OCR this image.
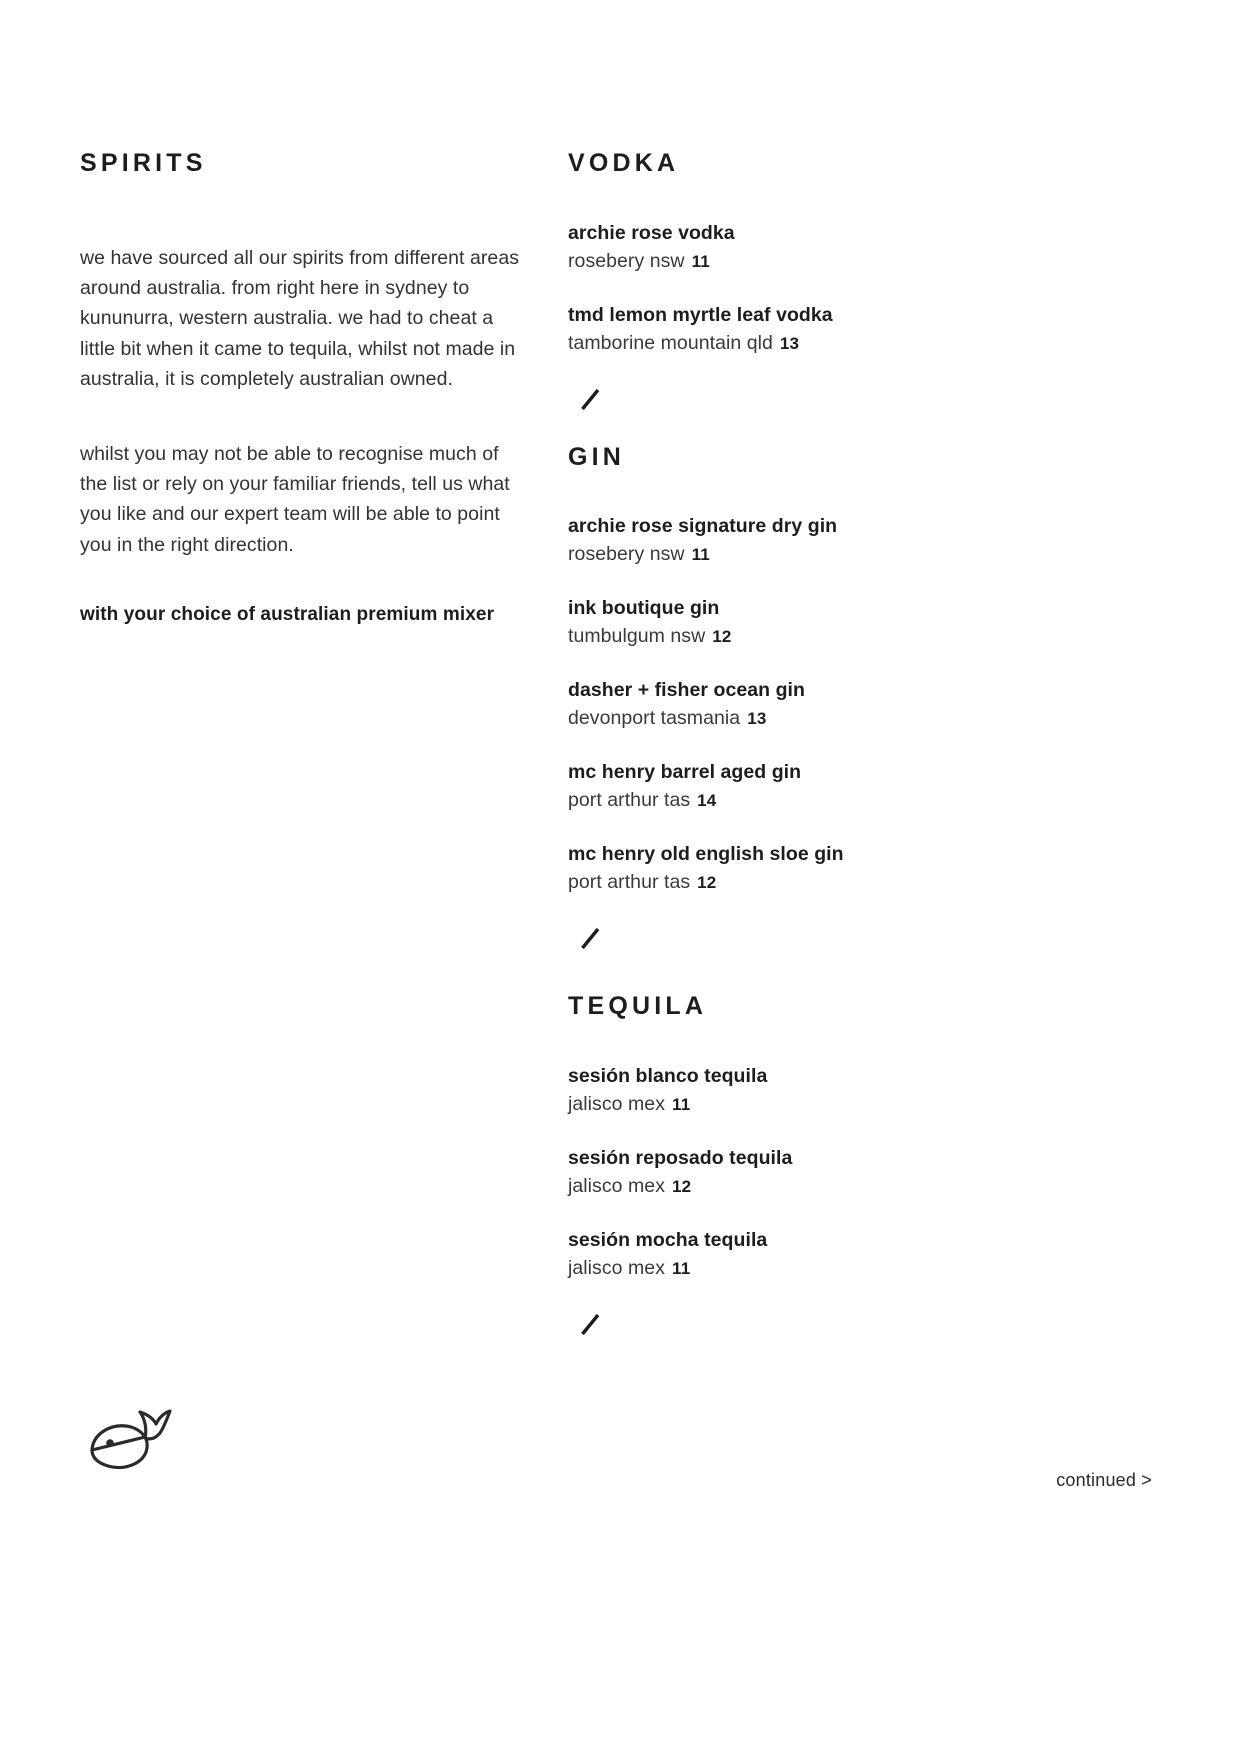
SPIRITS

we have sourced all our spirits from different areas around australia. from right here in sydney to kununurra, western australia. we had to cheat a little bit when it came to tequila, whilst not made in australia, it is completely australian owned.

whilst you may not be able to recognise much of the list or rely on your familiar friends, tell us what you like and our expert team will be able to point you in the right direction.

with your choice of australian premium mixer
VODKA
archie rose vodka
rosebery nsw 11
tmd lemon myrtle leaf vodka
tamborine mountain qld 13
GIN
archie rose signature dry gin
rosebery nsw 11
ink boutique gin
tumbulgum nsw 12
dasher + fisher ocean gin
devonport tasmania 13
mc henry barrel aged gin
port arthur tas 14
mc henry old english sloe gin
port arthur tas 12
TEQUILA
sesión blanco tequila
jalisco mex 11
sesión reposado tequila
jalisco mex 12
sesión mocha tequila
jalisco mex 11
continued >
